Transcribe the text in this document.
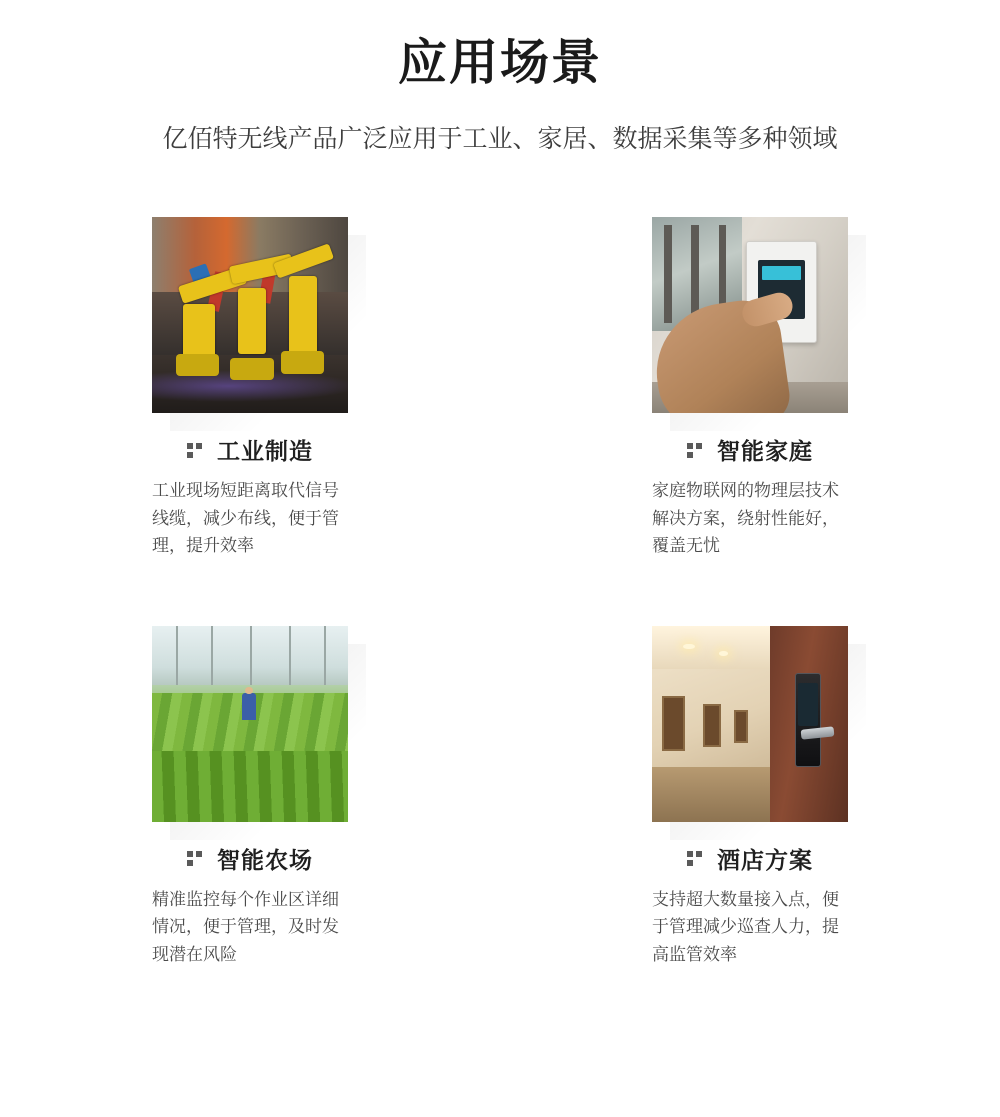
应用场景

亿佰特无线产品广泛应用于工业、家居、数据采集等多种领域

工业制造
工业现场短距离取代信号线缆，减少布线，便于管理，提升效率
智能家庭
家庭物联网的物理层技术解决方案，绕射性能好，覆盖无忧
智能农场
精准监控每个作业区详细情况，便于管理，及时发现潜在风险
酒店方案
支持超大数量接入点，便于管理减少巡查人力，提高监管效率
